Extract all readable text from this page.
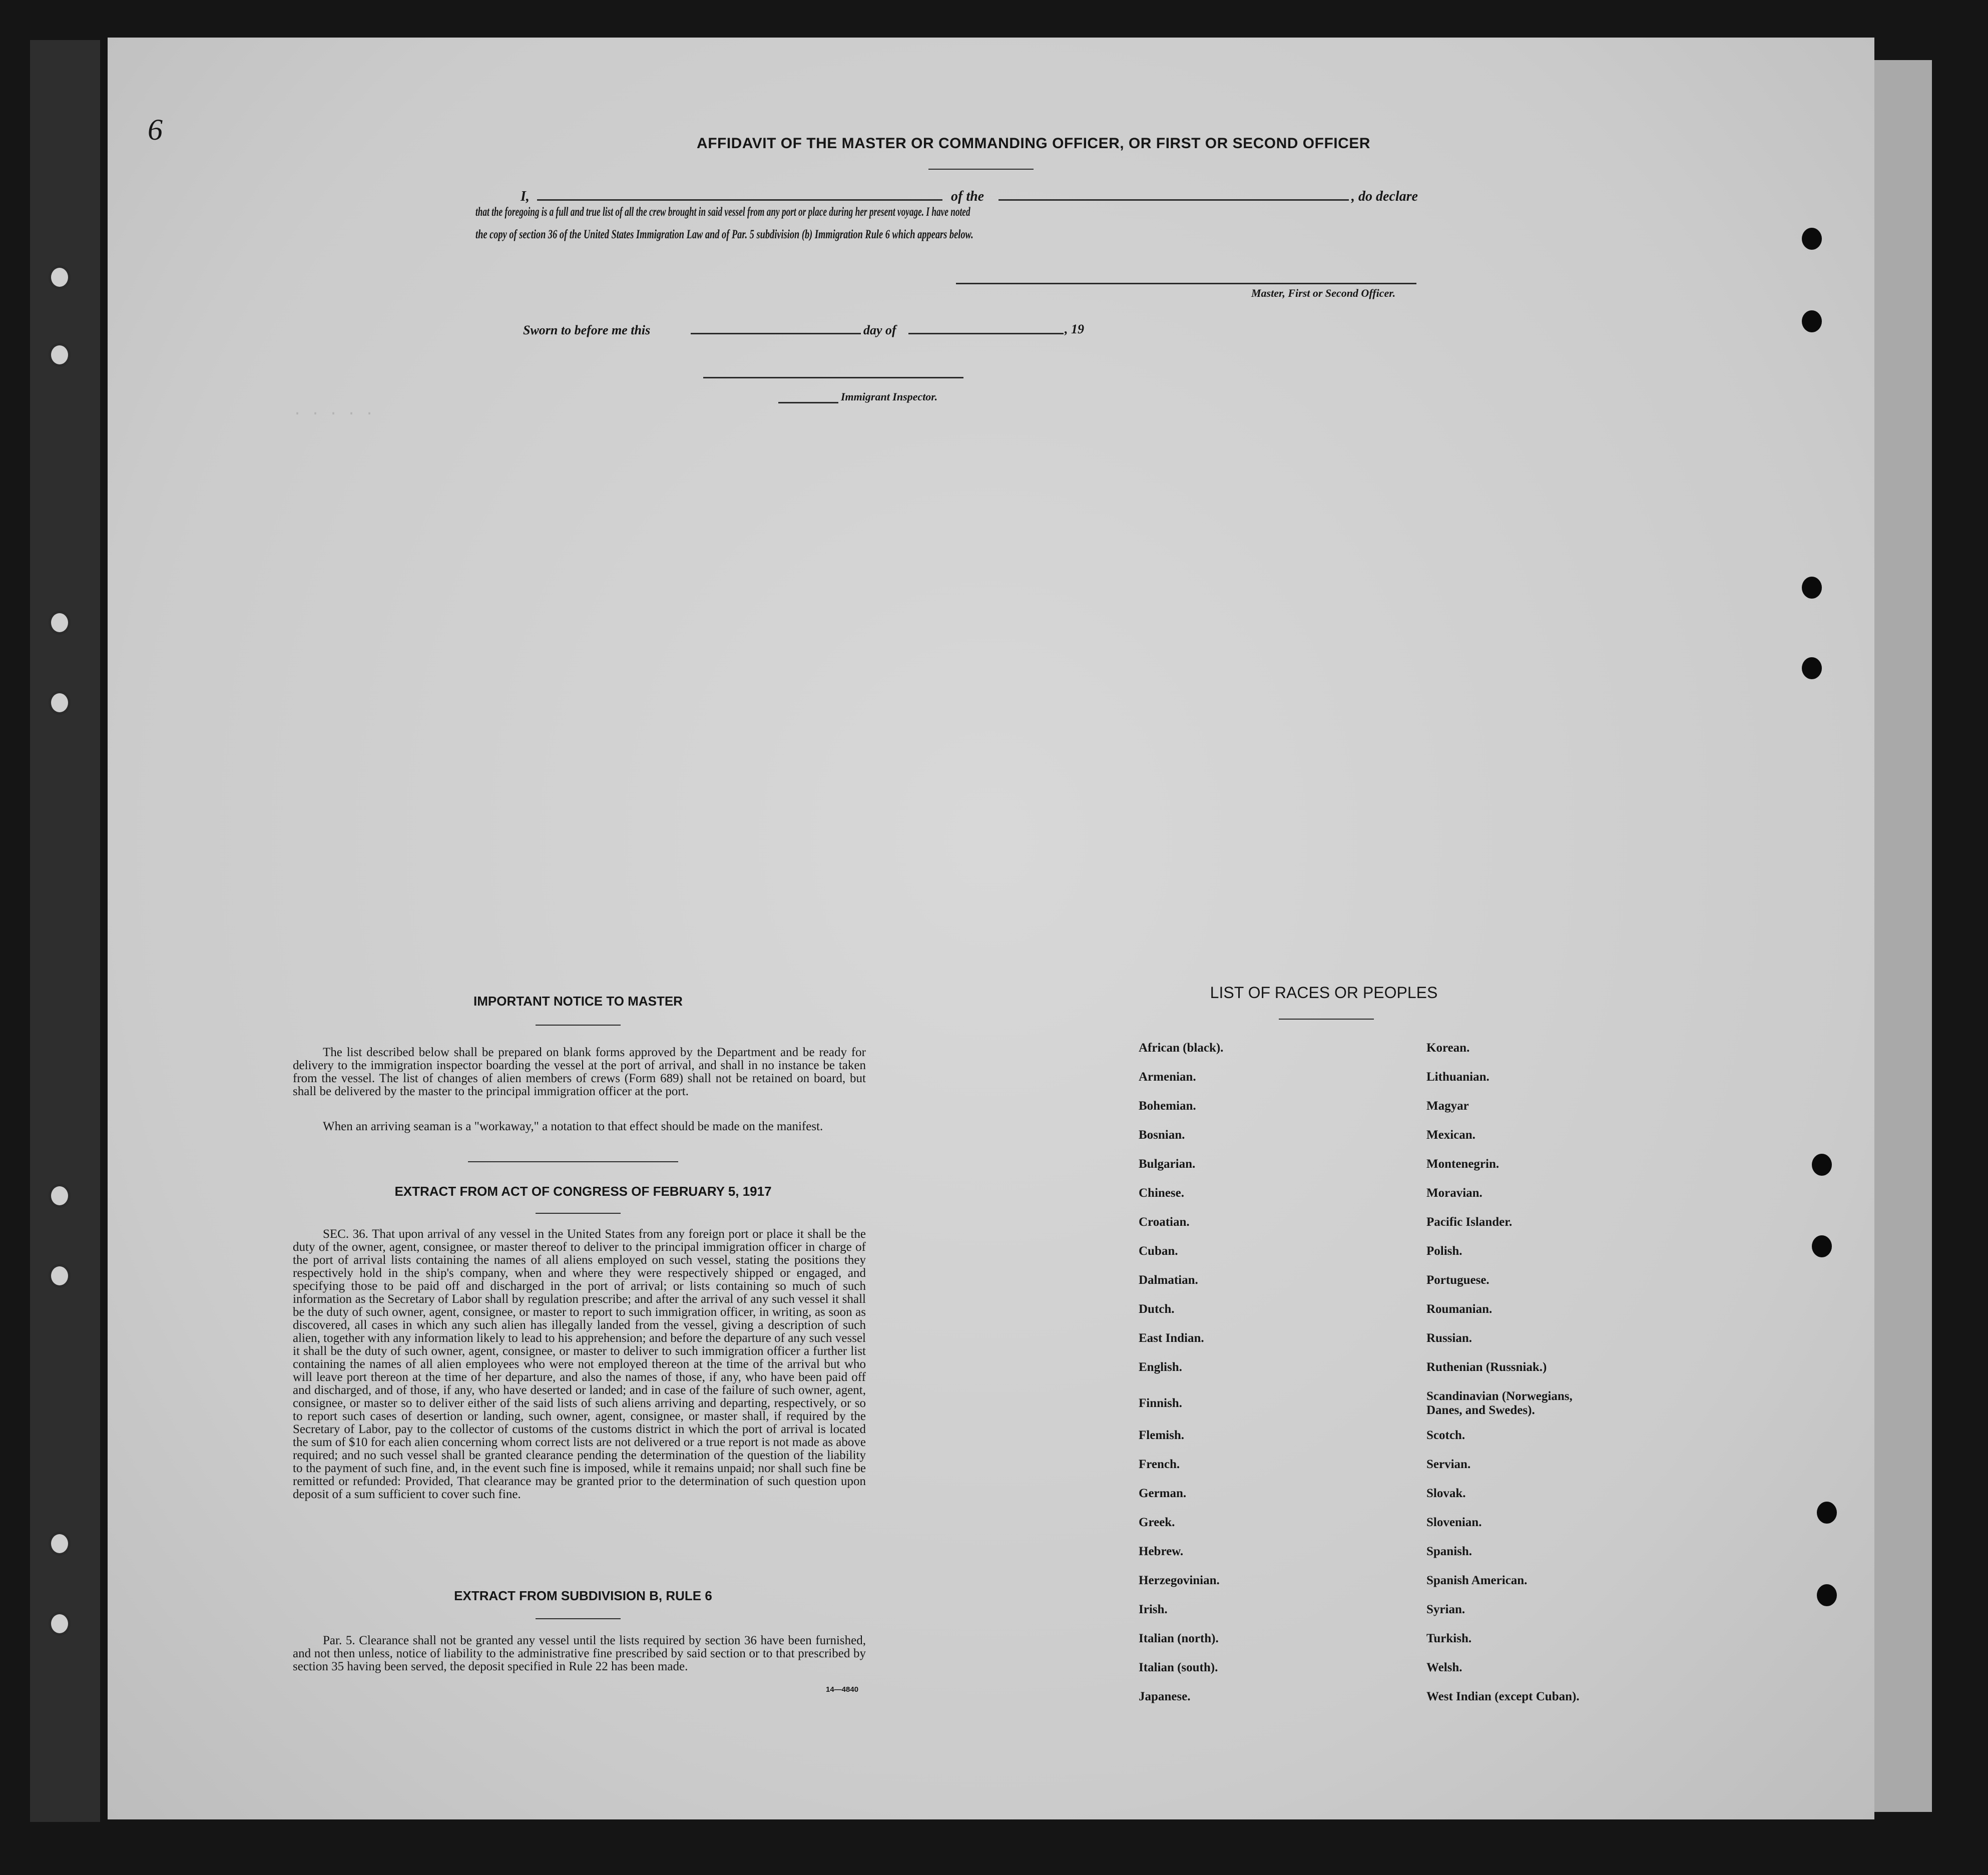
· · · · ·
6	AFFIDAVIT OF THE MASTER OR COMMANDING OFFICER, OR FIRST OR SECOND OFFICER
I,	of the	, do declare
that the foregoing is a full and true list of all the crew brought in said vessel from any port or place during her present voyage. I have noted
the copy of section 36 of the United States Immigration Law and of Par. 5 subdivision (b) Immigration Rule 6 which appears below.
Master, First or Second Officer.
Sworn to before me this	day of	, 19
Immigrant Inspector.
IMPORTANT NOTICE TO MASTER
The list described below shall be prepared on blank forms approved by the Department and be ready for delivery to the immigration inspector boarding the vessel at the port of arrival, and shall in no instance be taken from the vessel. The list of changes of alien members of crews (Form 689) shall not be retained on board, but shall be delivered by the master to the principal immigration officer at the port.
When an arriving seaman is a "workaway," a notation to that effect should be made on the manifest.
EXTRACT FROM ACT OF CONGRESS OF FEBRUARY 5, 1917
SEC. 36. That upon arrival of any vessel in the United States from any foreign port or place it shall be the duty of the owner, agent, consignee, or master thereof to deliver to the principal immigration officer in charge of the port of arrival lists containing the names of all aliens employed on such vessel, stating the positions they respectively hold in the ship's company, when and where they were respectively shipped or engaged, and specifying those to be paid off and discharged in the port of arrival; or lists containing so much of such information as the Secretary of Labor shall by regulation prescribe; and after the arrival of any such vessel it shall be the duty of such owner, agent, consignee, or master to report to such immigration officer, in writing, as soon as discovered, all cases in which any such alien has illegally landed from the vessel, giving a description of such alien, together with any information likely to lead to his apprehension; and before the departure of any such vessel it shall be the duty of such owner, agent, consignee, or master to deliver to such immigration officer a further list containing the names of all alien employees who were not employed thereon at the time of the arrival but who will leave port thereon at the time of her departure, and also the names of those, if any, who have been paid off and discharged, and of those, if any, who have deserted or landed; and in case of the failure of such owner, agent, consignee, or master so to deliver either of the said lists of such aliens arriving and departing, respectively, or so to report such cases of desertion or landing, such owner, agent, consignee, or master shall, if required by the Secretary of Labor, pay to the collector of customs of the customs district in which the port of arrival is located the sum of $10 for each alien concerning whom correct lists are not delivered or a true report is not made as above required; and no such vessel shall be granted clearance pending the determination of the question of the liability to the payment of such fine, and, in the event such fine is imposed, while it remains unpaid; nor shall such fine be remitted or refunded: Provided, That clearance may be granted prior to the determination of such question upon deposit of a sum sufficient to cover such fine.
EXTRACT FROM SUBDIVISION B, RULE 6
Par. 5. Clearance shall not be granted any vessel until the lists required by section 36 have been furnished, and not then unless, notice of liability to the administrative fine prescribed by said section or to that prescribed by section 35 having been served, the deposit specified in Rule 22 has been made.
14—4840
LIST OF RACES OR PEOPLES
African (black).
Armenian.
Bohemian.
Bosnian.
Bulgarian.
Chinese.
Croatian.
Cuban.
Dalmatian.
Dutch.
East Indian.
English.
Finnish.
Flemish.
French.
German.
Greek.
Hebrew.
Herzegovinian.
Irish.
Italian (north).
Italian (south).
Japanese.
Korean.
Lithuanian.
Magyar
Mexican.
Montenegrin.
Moravian.
Pacific Islander.
Polish.
Portuguese.
Roumanian.
Russian.
Ruthenian (Russniak.)
Scandinavian (Norwegians,
Danes, and Swedes).
Scotch.
Servian.
Slovak.
Slovenian.
Spanish.
Spanish American.
Syrian.
Turkish.
Welsh.
West Indian (except Cuban).
